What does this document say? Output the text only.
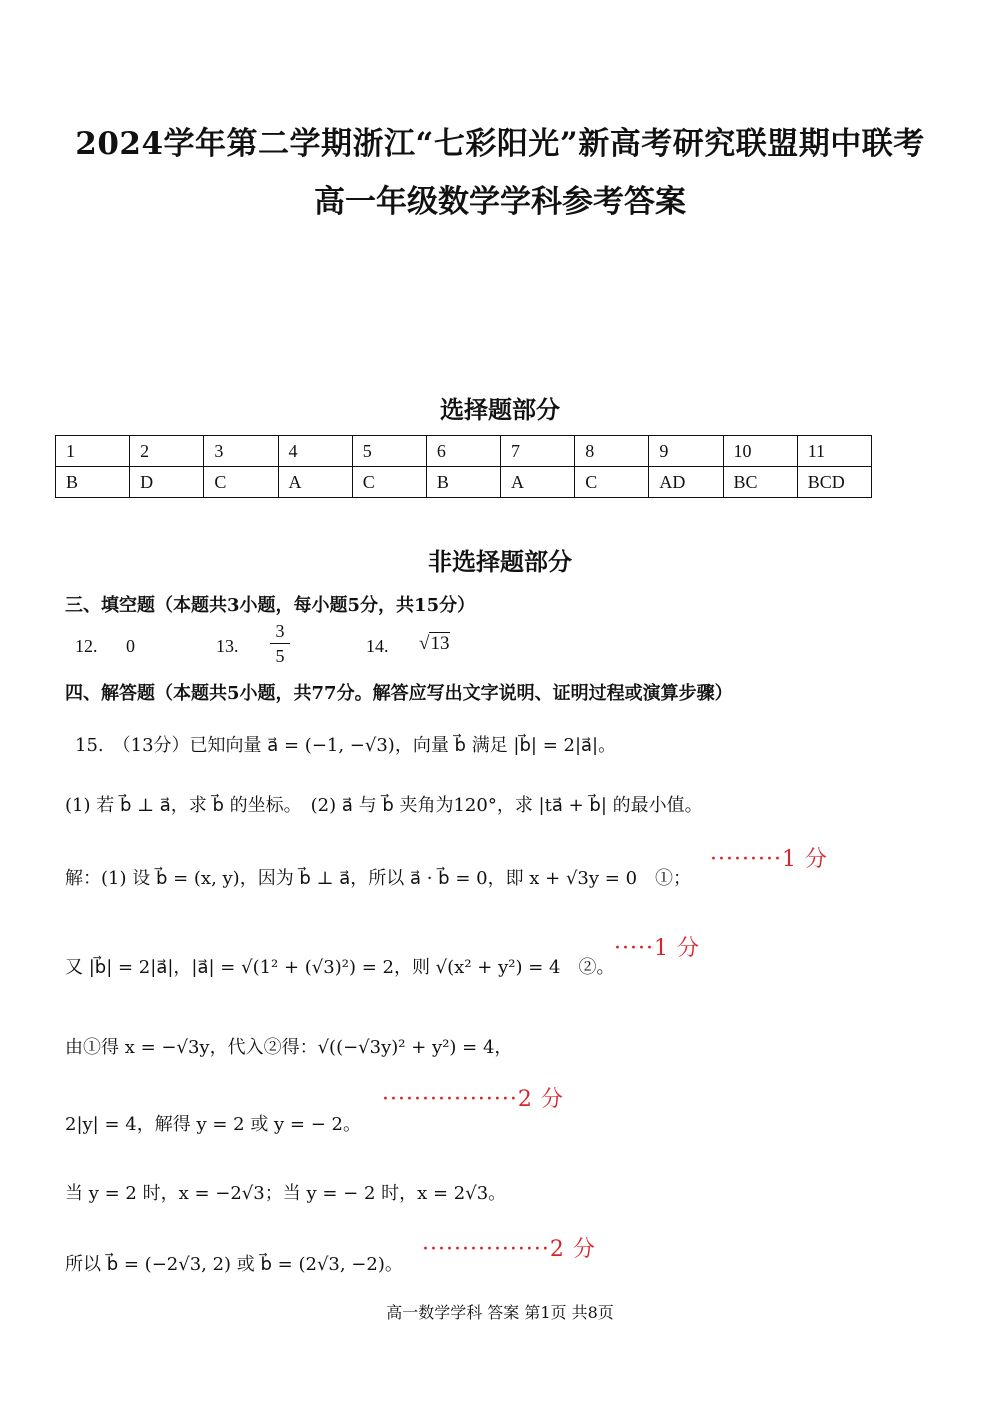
2024学年第二学期浙江“七彩阳光”新高考研究联盟期中联考
高一年级数学学科参考答案
选择题部分
1	2	3	4	5	6	7	8	9	10	11
B	D	C	A	C	B	A	C	AD	BC	BCD
非选择题部分
三、填空题（本题共3小题，每小题5分，共15分）
12. 0	13.
3
5	14. √13
四、解答题（本题共5小题，共77分。解答应写出文字说明、证明过程或演算步骤）
15.　（13分）已知向量 a⃗ = (−1, −√3)，向量 b⃗ 满足 |b⃗| = 2|a⃗|。
(1) 若 b⃗ ⊥ a⃗，求 b⃗ 的坐标。　(2) a⃗ 与 b⃗ 夹角为120°，求 |ta⃗ + b⃗| 的最小值。
解：(1) 设 b⃗ = (x, y)，因为 b⃗ ⊥ a⃗，所以 a⃗ · b⃗ = 0，即 x + √3y = 0　①；
·········1 分
又 |b⃗| = 2|a⃗|，|a⃗| = √(1² + (√3)²) = 2，则 √(x² + y²) = 4　②。
·····1 分
由①得 x = −√3y，代入②得：√((−√3y)² + y²) = 4，
·················2 分
2|y| = 4，解得 y = 2 或 y = − 2。
当 y = 2 时，x = −2√3；当 y = − 2 时，x = 2√3。
所以 b⃗ = (−2√3, 2) 或 b⃗ = (2√3, −2)。
················2 分
高一数学学科 答案 第1页 共8页
